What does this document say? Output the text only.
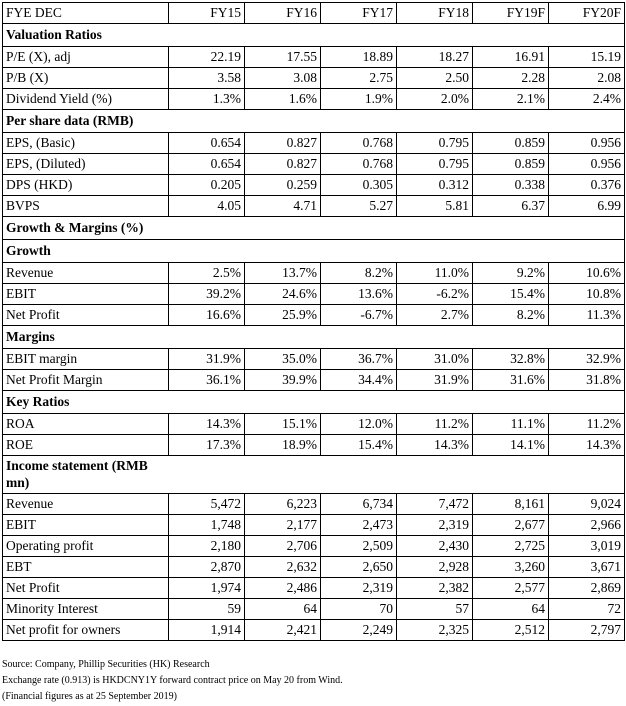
FYE DEC	FY15	FY16	FY17	FY18	FY19F	FY20F
Valuation Ratios						
P/E (X), adj	22.19	17.55	18.89	18.27	16.91	15.19
P/B (X)	3.58	3.08	2.75	2.50	2.28	2.08
Dividend Yield (%)	1.3%	1.6%	1.9%	2.0%	2.1%	2.4%
Per share data (RMB)						
EPS, (Basic)	0.654	0.827	0.768	0.795	0.859	0.956
EPS, (Diluted)	0.654	0.827	0.768	0.795	0.859	0.956
DPS (HKD)	0.205	0.259	0.305	0.312	0.338	0.376
BVPS	4.05	4.71	5.27	5.81	6.37	6.99
Growth & Margins (%)						
Growth						
Revenue	2.5%	13.7%	8.2%	11.0%	9.2%	10.6%
EBIT	39.2%	24.6%	13.6%	-6.2%	15.4%	10.8%
Net Profit	16.6%	25.9%	-6.7%	2.7%	8.2%	11.3%
Margins						
EBIT margin	31.9%	35.0%	36.7%	31.0%	32.8%	32.9%
Net Profit Margin	36.1%	39.9%	34.4%	31.9%	31.6%	31.8%
Key Ratios						
ROA	14.3%	15.1%	12.0%	11.2%	11.1%	11.2%
ROE	17.3%	18.9%	15.4%	14.3%	14.1%	14.3%
Income statement (RMB mn)						
Revenue	5,472	6,223	6,734	7,472	8,161	9,024
EBIT	1,748	2,177	2,473	2,319	2,677	2,966
Operating profit	2,180	2,706	2,509	2,430	2,725	3,019
EBT	2,870	2,632	2,650	2,928	3,260	3,671
Net Profit	1,974	2,486	2,319	2,382	2,577	2,869
Minority Interest	59	64	70	57	64	72
Net profit for owners	1,914	2,421	2,249	2,325	2,512	2,797
Source: Company, Phillip Securities (HK) Research
Exchange rate (0.913) is HKDCNY1Y forward contract price on May 20 from Wind.
(Financial figures as at 25 September 2019)
